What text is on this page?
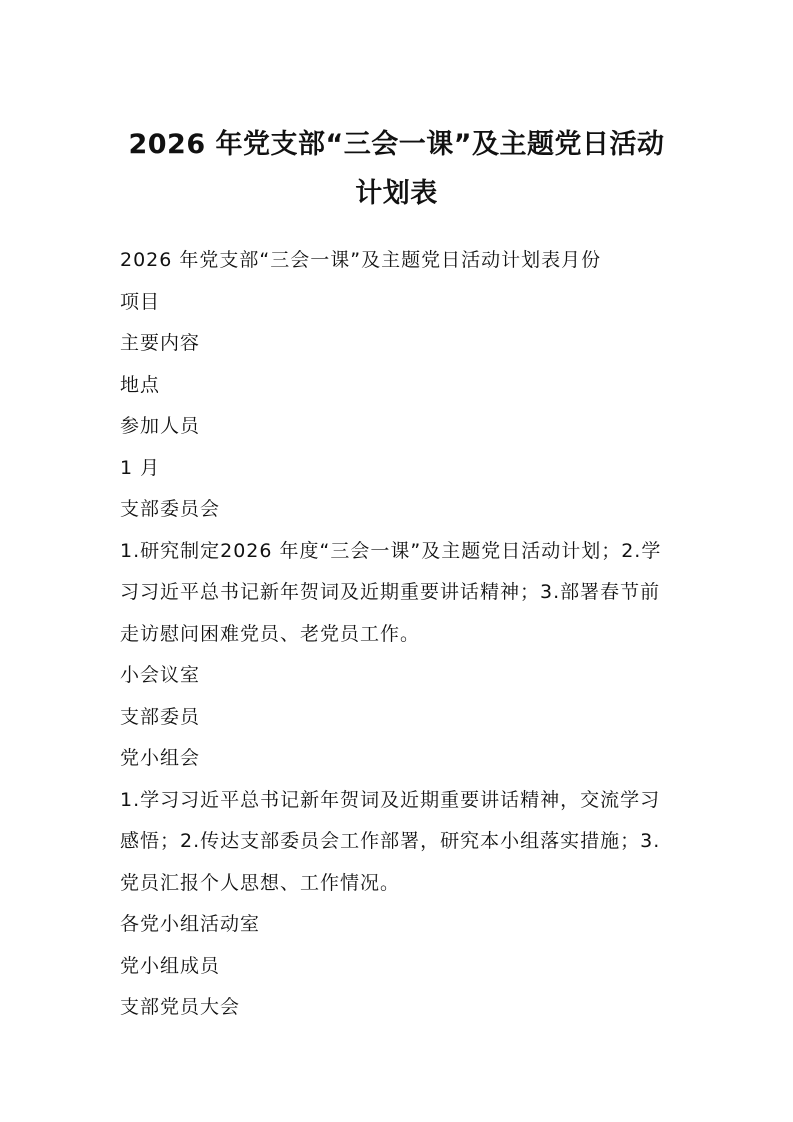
2026 年党支部“三会一课”及主题党日活动
计划表

2026 年党支部“三会一课”及主题党日活动计划表月份

项目

主要内容

地点

参加人员

1 月

支部委员会

1.研究制定2026 年度“三会一课”及主题党日活动计划；2.学习习近平总书记新年贺词及近期重要讲话精神；3.部署春节前走访慰问困难党员、老党员工作。

小会议室

支部委员

党小组会

1.学习习近平总书记新年贺词及近期重要讲话精神，交流学习感悟；2.传达支部委员会工作部署，研究本小组落实措施；3.党员汇报个人思想、工作情况。

各党小组活动室

党小组成员

支部党员大会
